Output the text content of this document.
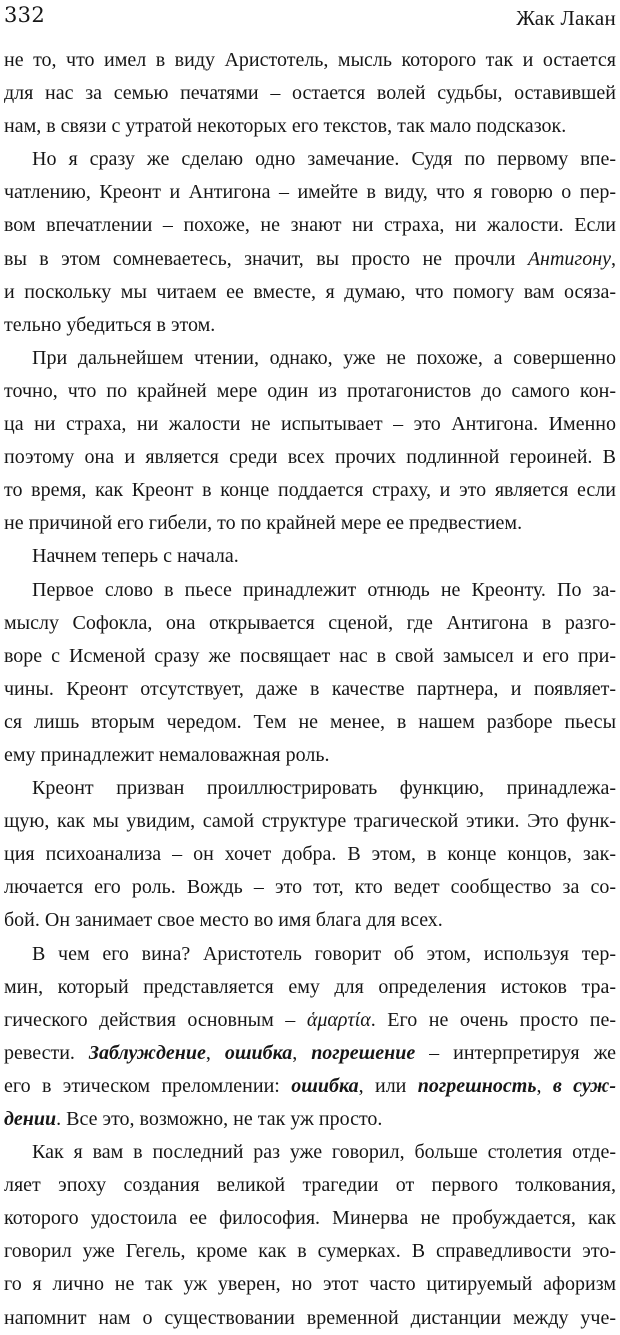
332	Жак Лакан
не то, что имел в виду Аристотель, мысль которого так и остается
для нас за семью печатями – остается волей судьбы, оставившей
нам, в связи с утратой некоторых его текстов, так мало подсказок.
Но я сразу же сделаю одно замечание. Судя по первому впе-
чатлению, Креонт и Антигона – имейте в виду, что я говорю о пер-
вом впечатлении – похоже, не знают ни страха, ни жалости. Если
вы в этом сомневаетесь, значит, вы просто не прочли Антигону,
и поскольку мы читаем ее вместе, я думаю, что помогу вам осяза-
тельно убедиться в этом.
При дальнейшем чтении, однако, уже не похоже, а совершенно
точно, что по крайней мере один из протагонистов до самого кон-
ца ни страха, ни жалости не испытывает – это Антигона. Именно
поэтому она и является среди всех прочих подлинной героиней. В
то время, как Креонт в конце поддается страху, и это является если
не причиной его гибели, то по крайней мере ее предвестием.
Начнем теперь с начала.
Первое слово в пьесе принадлежит отнюдь не Креонту. По за-
мыслу Софокла, она открывается сценой, где Антигона в разго-
воре с Исменой сразу же посвящает нас в свой замысел и его при-
чины. Креонт отсутствует, даже в качестве партнера, и появляет-
ся лишь вторым чередом. Тем не менее, в нашем разборе пьесы
ему принадлежит немаловажная роль.
Креонт призван проиллюстрировать функцию, принадлежа-
щую, как мы увидим, самой структуре трагической этики. Это функ-
ция психоанализа – он хочет добра. В этом, в конце концов, зак-
лючается его роль. Вождь – это тот, кто ведет сообщество за со-
бой. Он занимает свое место во имя блага для всех.
В чем его вина? Аристотель говорит об этом, используя тер-
мин, который представляется ему для определения истоков тра-
гического действия основным – ἁμαρτία. Его не очень просто пе-
ревести. Заблуждение, ошибка, погрешение – интерпретируя же
его в этическом преломлении: ошибка, или погрешность, в суж-
дении. Все это, возможно, не так уж просто.
Как я вам в последний раз уже говорил, больше столетия отде-
ляет эпоху создания великой трагедии от первого толкования,
которого удостоила ее философия. Минерва не пробуждается, как
говорил уже Гегель, кроме как в сумерках. В справедливости это-
го я лично не так уж уверен, но этот часто цитируемый афоризм
напомнит нам о существовании временной дистанции между уче-
